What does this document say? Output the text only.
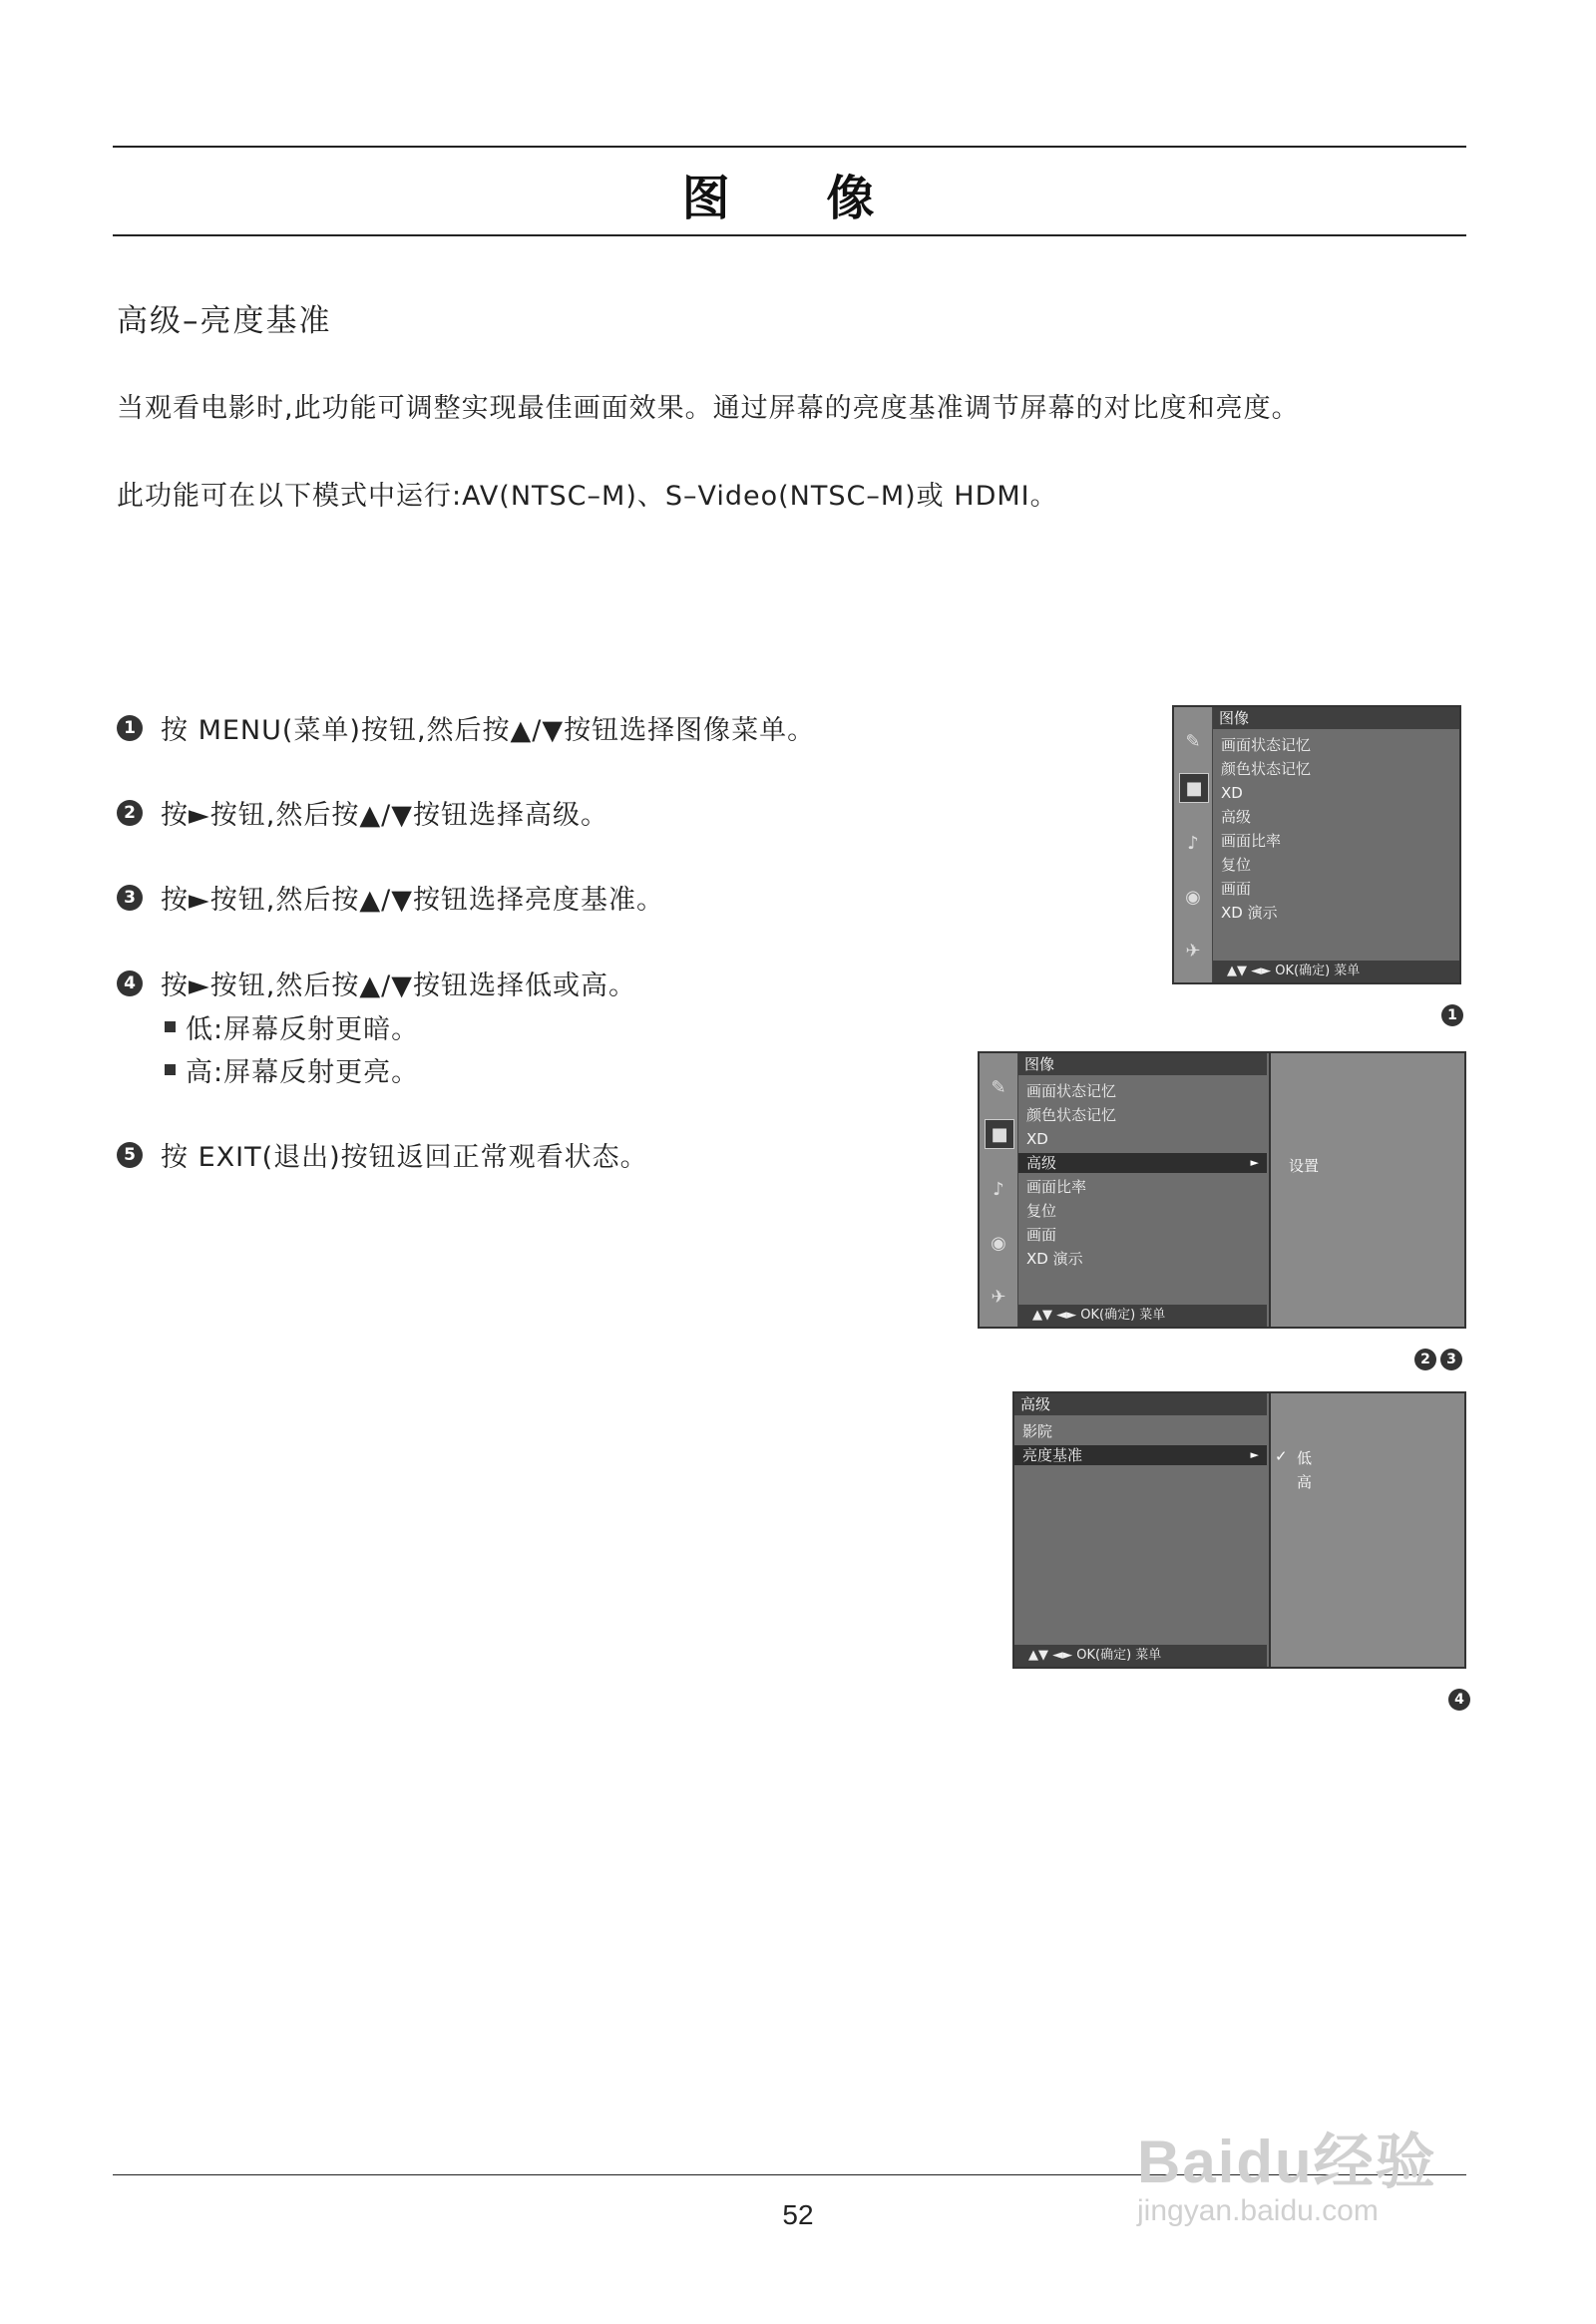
图 像
高级–亮度基准
当观看电影时,此功能可调整实现最佳画面效果。通过屏幕的亮度基准调节屏幕的对比度和亮度。
此功能可在以下模式中运行:AV(NTSC–M)、S–Video(NTSC–M)或 HDMI。
1 按 MENU(菜单)按钮,然后按▲/▼按钮选择图像菜单。
2 按►按钮,然后按▲/▼按钮选择高级。
3 按►按钮,然后按▲/▼按钮选择亮度基准。
4 按►按钮,然后按▲/▼按钮选择低或高。
低:屏幕反射更暗。
高:屏幕反射更亮。
5 按 EXIT(退出)按钮返回正常观看状态。
✎
■
♪
◉
✈
图像
画面状态记忆
颜色状态记忆
XD
高级
画面比率
复位
画面
XD 演示
▲▼ ◄► OK(确定) 菜单
1
✎
■
♪
◉
✈
图像
画面状态记忆
颜色状态记忆
XD
高级	►
画面比率
复位
画面
XD 演示
▲▼ ◄► OK(确定) 菜单
设置
2	3
高级
影院
亮度基准	►
▲▼ ◄► OK(确定) 菜单
✓ 低
高
4
52
Baidu经验
jingyan.baidu.com
